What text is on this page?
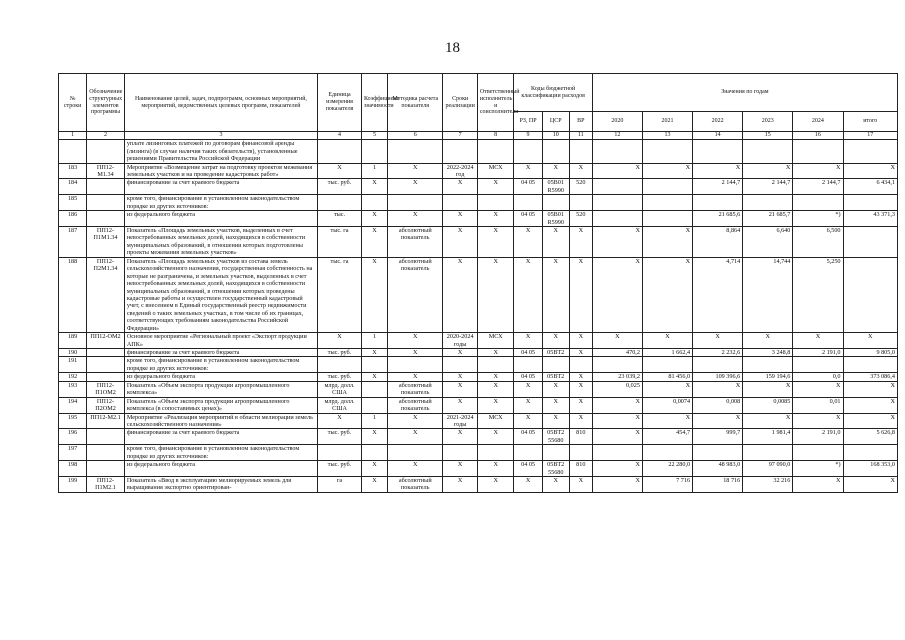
18
№ строки	Обозначение структурных элементов программы	Наименование целей, задач, подпрограмм, основных мероприятий, мероприятий, ведомственных целевых программ, показателей	Единица измерения показателя	Коэффициент значимости	Методика расчета показателя	Сроки реализации	Ответственный исполнитель и соисполнители	Коды бюджетной классификации расходов			Значения по годам					
								РЗ, ПР	ЦСР	ВР	2020	2021	2022	2023	2024	итого
1	2	3	4	5	6	7	8	9	10	11	12	13	14	15	16	17
		уплате лизинговых платежей по договорам финансовой аренды (лизинга) (в случае наличия таких обязательств), установленные решениями Правительства Российской Федерации														
183	ПП12-М1.34	Мероприятие «Возмещение затрат на подготовку проектов межевания земельных участков и на проведение кадастровых работ»	X	1	X	2022-2024 год	МСХ	X	X	X	X	X	X	X	X	X
184		финансирование за счет краевого бюджета	тыс. руб.	X	X	X	X	04 05	05В01 R5990	520			2 144,7	2 144,7	2 144,7	6 434,1
185		кроме того, финансирование в установленном законодательством порядке из других источников:														
186		из федерального бюджета	тыс.	X	X	X	X	04 05	05В01 R5990	520			21 685,6	21 685,7	*)	43 371,3
187	ПП12-П1М1.34	Показатель «Площадь земельных участков, выделенных в счет невостребованных земельных долей, находящихся в собственности муниципальных образований, в отношении которых подготовлены проекты межевания земельных участков»	тыс. га	X	абсолютный показатель	X	X	X	X	X	X	X	8,864	6,640	6,500	
188	ПП12-П2М1.34	Показатель «Площадь земельных участков из состава земель сельскохозяйственного назначения, государственная собственность на которые не разграничена, и земельных участков, выделенных в счет невостребованных земельных долей, находящихся в собственности муниципальных образований, в отношении которых проведены кадастровые работы и осуществлен государственный кадастровый учет, с внесением в Единый государственный реестр недвижимости сведений о таких земельных участках, в том числе об их границах, соответствующих требованиям законодательства Российской Федерации»	тыс. га	X	абсолютный показатель	X	X	X	X	X	X	X	4,714	14,744	5,250	
189	ПП12-ОМ2	Основное мероприятие «Региональный проект «Экспорт продукции АПК»	X	1	X	2020-2024 годы	МСХ	X	X	X	X	X	X	X	X	X
190		финансирование за счет краевого бюджета	тыс. руб.	X	X	X	X	04 05	05ВТ2	X	470,2	1 662,4	2 232,6	3 248,8	2 191,0	9 805,0
191		кроме того, финансирование в установленном законодательством порядке из других источников:														
192		из федерального бюджета	тыс. руб.	X	X	X	X	04 05	05ВТ2	X	23 039,2	81 456,0	109 396,6	159 194,6	0,0	373 086,4
193	ПП12-П1ОМ2	Показатель «Объем экспорта продукции агропромышленного комплекса»	млрд. долл. США		абсолютный показатель	X	X	X	X	X	0,025	X	X	X	X	X
194	ПП12-П2ОМ2	Показатель «Объем экспорта продукции агропромышленного комплекса (в сопоставимых ценах)»	млрд. долл. США		абсолютный показатель	X	X	X	X	X	X	0,0074	0,008	0,0085	0,01	X
195	ПП12-М2.1	Мероприятие «Реализация мероприятий в области мелиорации земель сельскохозяйственного назначения»	X	1	X	2021-2024 годы	МСХ	X	X	X	X	X	X	X	X	X
196		финансирование за счет краевого бюджета	тыс. руб.	X	X	X	X	04 05	05ВТ2 55680	810	X	454,7	999,7	1 981,4	2 191,0	5 626,8
197		кроме того, финансирование в установленном законодательством порядке из других источников:														
198		из федерального бюджета	тыс. руб.	X	X	X	X	04 05	05ВТ2 55680	810	X	22 280,0	48 983,0	97 090,0	*)	168 353,0
199	ПП12-П1М2.1	Показатель «Ввод в эксплуатацию мелиорируемых земель для выращивания экспортно ориентирован-	га	X	абсолютный показатель	X	X	X	X	X	X	7 716	18 716	32 216	X	X
